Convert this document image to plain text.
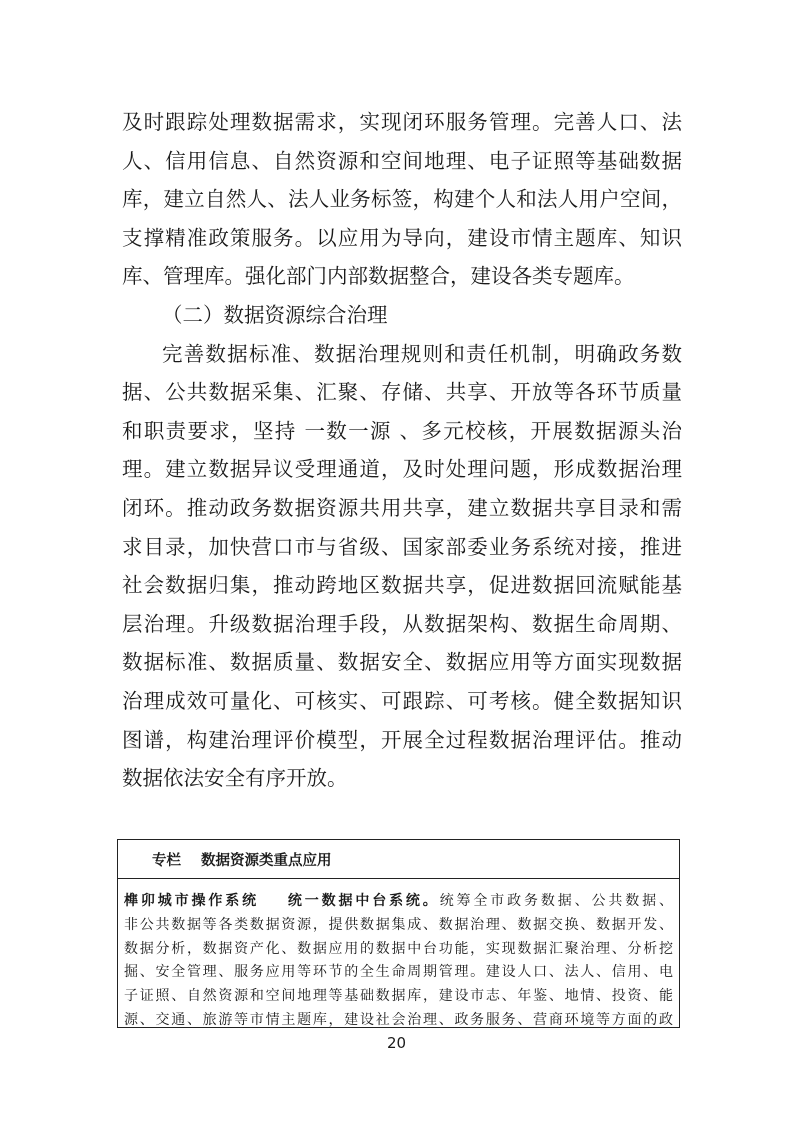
及时跟踪处理数据需求，实现闭环服务管理。完善人口、法
人、信用信息、自然资源和空间地理、电子证照等基础数据
库，建立自然人、法人业务标签，构建个人和法人用户空间，
支撑精准政策服务。以应用为导向，建设市情主题库、知识
库、管理库。强化部门内部数据整合，建设各类专题库。
（二）数据资源综合治理
完善数据标准、数据治理规则和责任机制，明确政务数
据、公共数据采集、汇聚、存储、共享、开放等各环节质量
和职责要求，坚持 一数一源 、多元校核，开展数据源头治
理。建立数据异议受理通道，及时处理问题，形成数据治理
闭环。推动政务数据资源共用共享，建立数据共享目录和需
求目录，加快营口市与省级、国家部委业务系统对接，推进
社会数据归集，推动跨地区数据共享，促进数据回流赋能基
层治理。升级数据治理手段，从数据架构、数据生命周期、
数据标准、数据质量、数据安全、数据应用等方面实现数据
治理成效可量化、可核实、可跟踪、可考核。健全数据知识
图谱，构建治理评价模型，开展全过程数据治理评估。推动
数据依法安全有序开放。
专栏 数据资源类重点应用
榫卯城市操作系统 统一数据中台系统。统筹全市政务数据、公共数据、
非公共数据等各类数据资源，提供数据集成、数据治理、数据交换、数据开发、
数据分析，数据资产化、数据应用的数据中台功能，实现数据汇聚治理、分析挖
掘、安全管理、服务应用等环节的全生命周期管理。建设人口、法人、信用、电
子证照、自然资源和空间地理等基础数据库，建设市志、年鉴、地情、投资、能
源、交通、旅游等市情主题库，建设社会治理、政务服务、营商环境等方面的政
20
